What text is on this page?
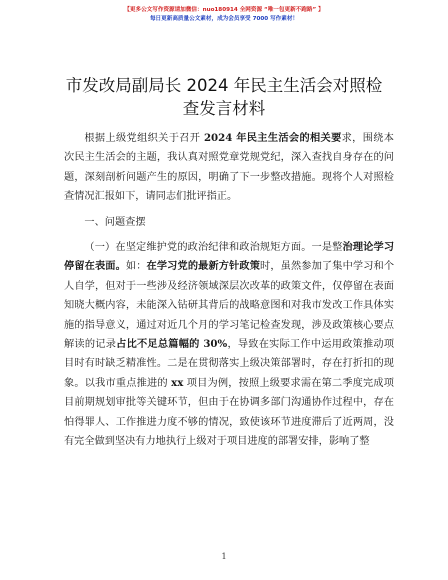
【更多公文写作资源请加微信：nuo180914 全网资源 “唯一包更新不跑路” 】
每日更新高质量公文素材，成为会员享受 7000 写作素材！
市发改局副局长 2024 年民主生活会对照检查发言材料

根据上级党组织关于召开 2024 年民主生活会的相关要求，围绕本次民主生活会的主题，我认真对照党章党规党纪，深入查找自身存在的问题，深刻剖析问题产生的原因，明确了下一步整改措施。现将个人对照检查情况汇报如下，请同志们批评指正。

一、问题查摆

（一）在坚定维护党的政治纪律和政治规矩方面。一是整治理论学习停留在表面。如：在学习党的最新方针政策时，虽然参加了集中学习和个人自学，但对于一些涉及经济领域深层次改革的政策文件，仅停留在表面知晓大概内容，未能深入钻研其背后的战略意图和对我市发改工作具体实施的指导意义，通过对近几个月的学习笔记检查发现，涉及政策核心要点解读的记录占比不足总篇幅的 30%，导致在实际工作中运用政策推动项目时有时缺乏精准性。二是在贯彻落实上级决策部署时，存在打折扣的现象。以我市重点推进的 xx 项目为例，按照上级要求需在第二季度完成项目前期规划审批等关键环节，但由于在协调多部门沟通协作过程中，存在怕得罪人、工作推进力度不够的情况，致使该环节进度滞后了近两周，没有完全做到坚决有力地执行上级对于项目进度的部署安排，影响了整

1
